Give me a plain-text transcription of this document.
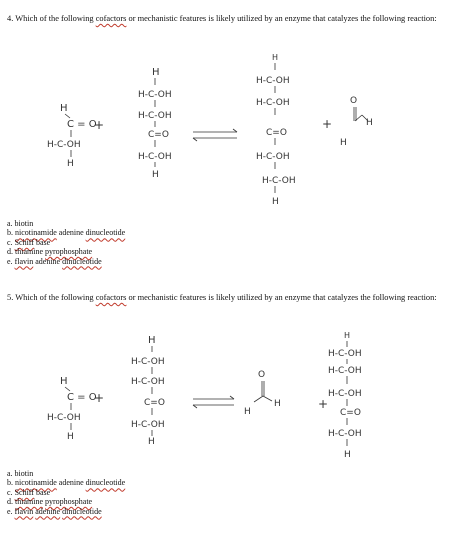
4. Which of the following cofactors or mechanistic features is likely utilized by an enzyme that catalyzes the following reaction:
H
C = O
+
H-C-OH
H
H
H-C-OH
H-C-OH
C=O
H-C-OH
H
H
H-C-OH
H-C-OH
C=O
H-C-OH
H-C-OH
H
+
O
H
H
a. biotin
b. nicotinamide adenine dinucleotide
c. Schiff base
d. thiamine pyrophosphate
e. flavin adenine dinucleotide
5. Which of the following cofactors or mechanistic features is likely utilized by an enzyme that catalyzes the following reaction:
H
C = O
+
H-C-OH
H
H
H-C-OH
H-C-OH
C=O
H-C-OH
H
O
H
H
+
H
H-C-OH
H-C-OH
H-C-OH
C=O
H-C-OH
H
a. biotin
b. nicotinamide adenine dinucleotide
c. Schiff base
d. thiamine pyrophosphate
e. flavin adenine dinucleotide
